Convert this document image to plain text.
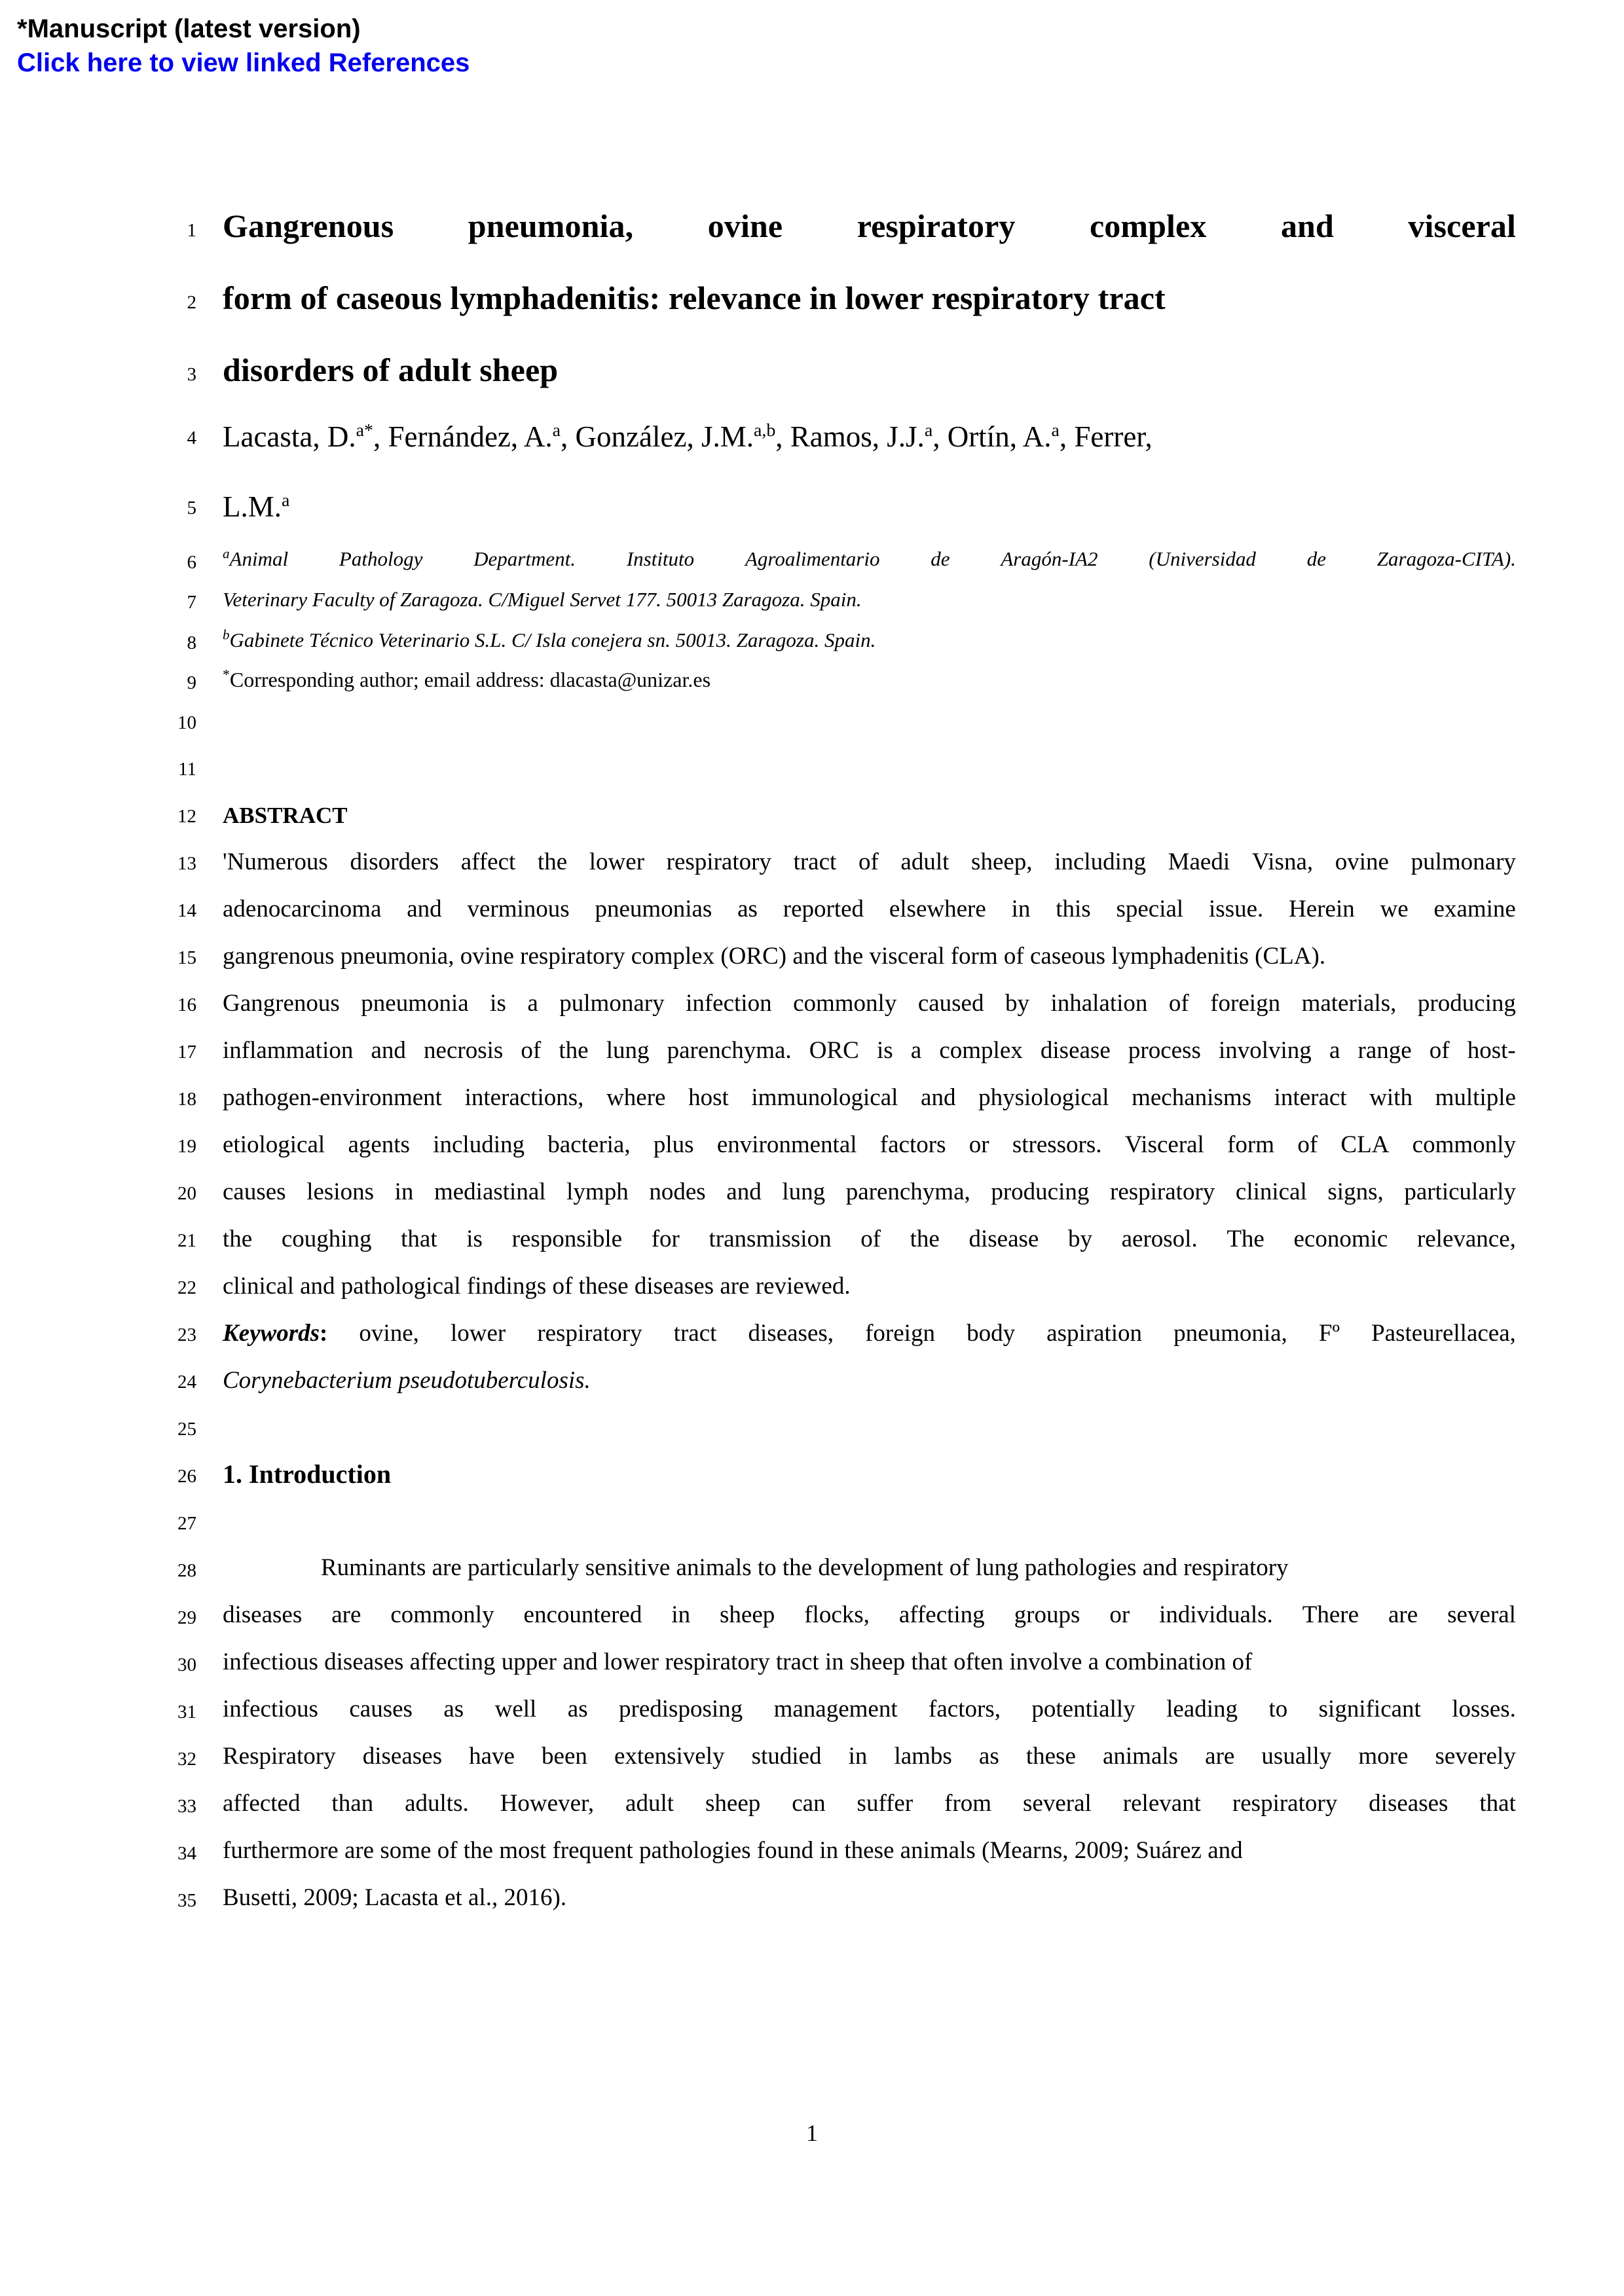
*Manuscript (latest version)
Click here to view linked References
1
2
3
4
5
6
7
8
9
10
11
12
13
14
15
16
17
18
19
20
21
22
23
24
25
26
27
28
29
30
31
32
33
34
35
Gangrenous pneumonia, ovine respiratory complex and visceral
form of caseous lymphadenitis: relevance in lower respiratory tract
disorders of adult sheep
Lacasta, D.$^{a*}$, Fernández, A.$^a$, González, J.M.$^{a,b}$, Ramos, J.J.$^a$, Ortín, A.$^a$, Ferrer,
L.M.$^a$
$^a$Animal	Pathology	Department.	Instituto	Agroalimentario	de	Aragón-IA2	(Universidad	de	Zaragoza-CITA).
Veterinary Faculty of Zaragoza. C/Miguel Servet 177. 50013 Zaragoza. Spain.
$^b$Gabinete Técnico Veterinario S.L. C/ Isla conejera sn. 50013. Zaragoza. Spain.
*Corresponding author; email address: dlacasta@unizar.es
ABSTRACT
'Numerous disorders affect the lower respiratory tract of adult sheep, including Maedi Visna, ovine pulmonary
adenocarcinoma and verminous pneumonias as reported elsewhere in this special issue. Herein we examine
gangrenous pneumonia, ovine respiratory complex (ORC) and the visceral form of caseous lymphadenitis (CLA).
Gangrenous pneumonia is a pulmonary infection commonly caused by inhalation of foreign materials, producing
inflammation and necrosis of the lung parenchyma. ORC is a complex disease process involving a range of host-
pathogen-environment interactions, where host immunological and physiological mechanisms interact with multiple
etiological agents including bacteria, plus environmental factors or stressors. Visceral form of CLA commonly
causes lesions in mediastinal lymph nodes and lung parenchyma, producing respiratory clinical signs, particularly
the coughing that is responsible for transmission of the disease by aerosol. The economic relevance,
clinical and pathological findings of these diseases are reviewed.
Keywords: ovine, lower respiratory tract diseases, foreign body aspiration pneumonia, Fº Pasteurellacea,
Corynebacterium pseudotuberculosis.
1. Introduction
Ruminants are particularly sensitive animals to the development of lung pathologies and respiratory
diseases are commonly encountered in sheep flocks, affecting groups or individuals. There are several
infectious diseases affecting upper and lower respiratory tract in sheep that often involve a combination of
infectious causes as well as predisposing management factors, potentially leading to significant losses.
Respiratory diseases have been extensively studied in lambs as these animals are usually more severely
affected than adults. However, adult sheep can suffer from several relevant respiratory diseases that
furthermore are some of the most frequent pathologies found in these animals (Mearns, 2009; Suárez and
Busetti, 2009; Lacasta et al., 2016).
1
